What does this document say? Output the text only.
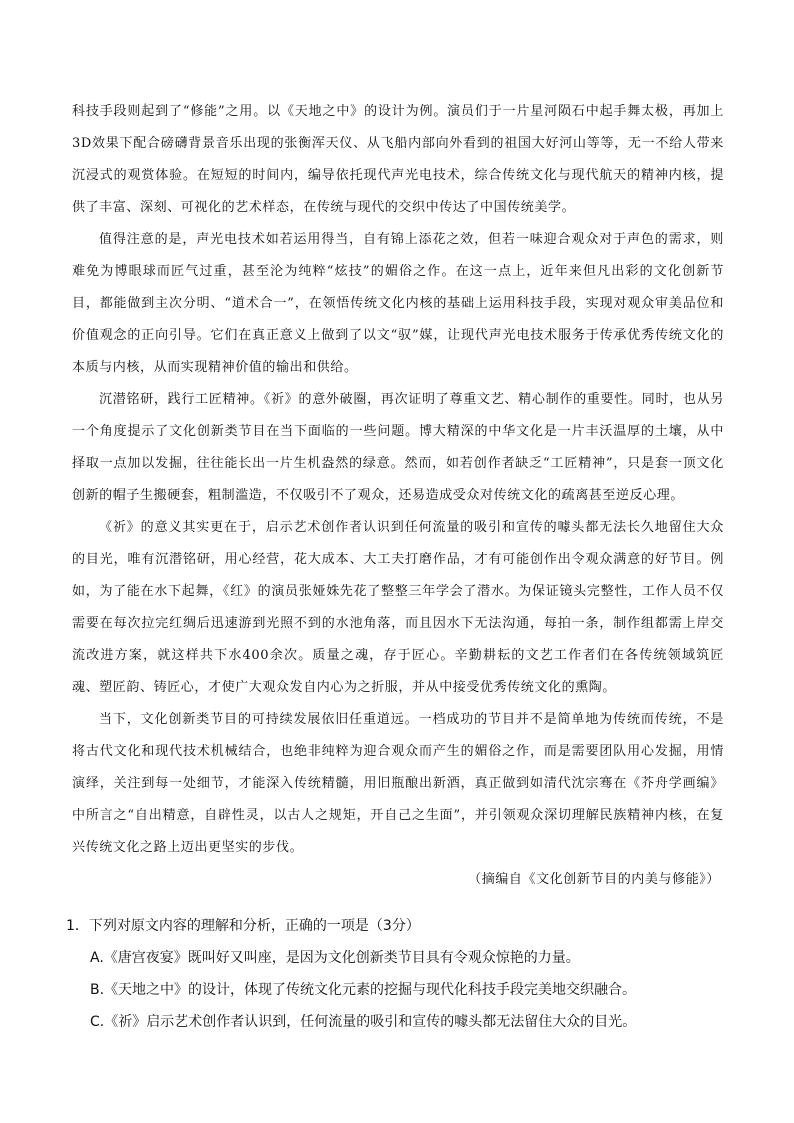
科技手段则起到了“修能”之用。以《天地之中》的设计为例。演员们于一片星河陨石中起手舞太极，再加上3D效果下配合磅礴背景音乐出现的张衡浑天仪、从飞船内部向外看到的祖国大好河山等等，无一不给人带来沉浸式的观赏体验。在短短的时间内，编导依托现代声光电技术，综合传统文化与现代航天的精神内核，提供了丰富、深刻、可视化的艺术样态，在传统与现代的交织中传达了中国传统美学。

值得注意的是，声光电技术如若运用得当，自有锦上添花之效，但若一味迎合观众对于声色的需求，则难免为博眼球而匠气过重，甚至沦为纯粹“炫技”的媚俗之作。在这一点上，近年来但凡出彩的文化创新节目，都能做到主次分明、“道术合一”，在领悟传统文化内核的基础上运用科技手段，实现对观众审美品位和价值观念的正向引导。它们在真正意义上做到了以文“驭”媒，让现代声光电技术服务于传承优秀传统文化的本质与内核，从而实现精神价值的输出和供给。

沉潜铭研，践行工匠精神。《祈》的意外破圈，再次证明了尊重文艺、精心制作的重要性。同时，也从另一个角度提示了文化创新类节目在当下面临的一些问题。博大精深的中华文化是一片丰沃温厚的土壤，从中择取一点加以发掘，往往能长出一片生机盎然的绿意。然而，如若创作者缺乏“工匠精神”，只是套一顶文化创新的帽子生搬硬套，粗制滥造，不仅吸引不了观众，还易造成受众对传统文化的疏离甚至逆反心理。

《祈》的意义其实更在于，启示艺术创作者认识到任何流量的吸引和宣传的噱头都无法长久地留住大众的目光，唯有沉潜铭研，用心经营，花大成本、大工夫打磨作品，才有可能创作出令观众满意的好节目。例如，为了能在水下起舞，《红》的演员张娅姝先花了整整三年学会了潜水。为保证镜头完整性，工作人员不仅需要在每次拉完红绸后迅速游到光照不到的水池角落，而且因水下无法沟通，每拍一条，制作组都需上岸交流改进方案，就这样共下水400余次。质量之魂，存于匠心。辛勤耕耘的文艺工作者们在各传统领域筑匠魂、塑匠韵、铸匠心，才使广大观众发自内心为之折服，并从中接受优秀传统文化的熏陶。

当下，文化创新类节目的可持续发展依旧任重道远。一档成功的节目并不是简单地为传统而传统，不是将古代文化和现代技术机械结合，也绝非纯粹为迎合观众而产生的媚俗之作，而是需要团队用心发掘，用情演绎，关注到每一处细节，才能深入传统精髓，用旧瓶酿出新酒，真正做到如清代沈宗骞在《芥舟学画编》中所言之“自出精意，自辟性灵，以古人之规矩，开自己之生面”，并引领观众深切理解民族精神内核，在复兴传统文化之路上迈出更坚实的步伐。

（摘编自《文化创新节目的内美与修能》）

1．下列对原文内容的理解和分析，正确的一项是（3分）

A.《唐宫夜宴》既叫好又叫座，是因为文化创新类节目具有令观众惊艳的力量。

B.《天地之中》的设计，体现了传统文化元素的挖掘与现代化科技手段完美地交织融合。

C.《祈》启示艺术创作者认识到，任何流量的吸引和宣传的噱头都无法留住大众的目光。
